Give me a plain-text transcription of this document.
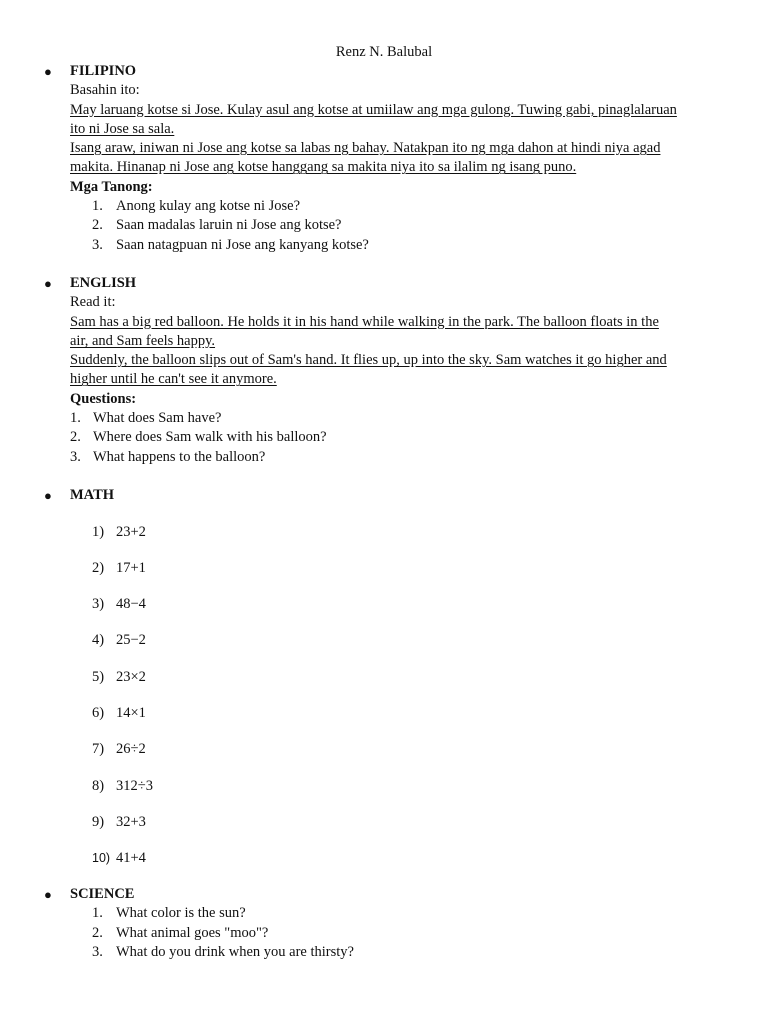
Renz N. Balubal
● FILIPINO
Basahin ito:
May laruang kotse si Jose. Kulay asul ang kotse at umiilaw ang mga gulong. Tuwing gabi, pinaglalaruan
ito ni Jose sa sala.
Isang araw, iniwan ni Jose ang kotse sa labas ng bahay. Natakpan ito ng mga dahon at hindi niya agad
makita. Hinanap ni Jose ang kotse hanggang sa makita niya ito sa ilalim ng isang puno.
Mga Tanong:
1. Anong kulay ang kotse ni Jose?
2. Saan madalas laruin ni Jose ang kotse?
3. Saan natagpuan ni Jose ang kanyang kotse?
● ENGLISH
Read it:
Sam has a big red balloon. He holds it in his hand while walking in the park. The balloon floats in the
air, and Sam feels happy.
Suddenly, the balloon slips out of Sam's hand. It flies up, up into the sky. Sam watches it go higher and
higher until he can't see it anymore.
Questions:
1. What does Sam have?
2. Where does Sam walk with his balloon?
3. What happens to the balloon?
● MATH
1) 23+2
2) 17+1
3) 48−4
4) 25−2
5) 23×2
6) 14×1
7) 26÷2
8) 312÷3
9) 32+3
10) 41+4
● SCIENCE
1. What color is the sun?
2. What animal goes "moo"?
3. What do you drink when you are thirsty?
